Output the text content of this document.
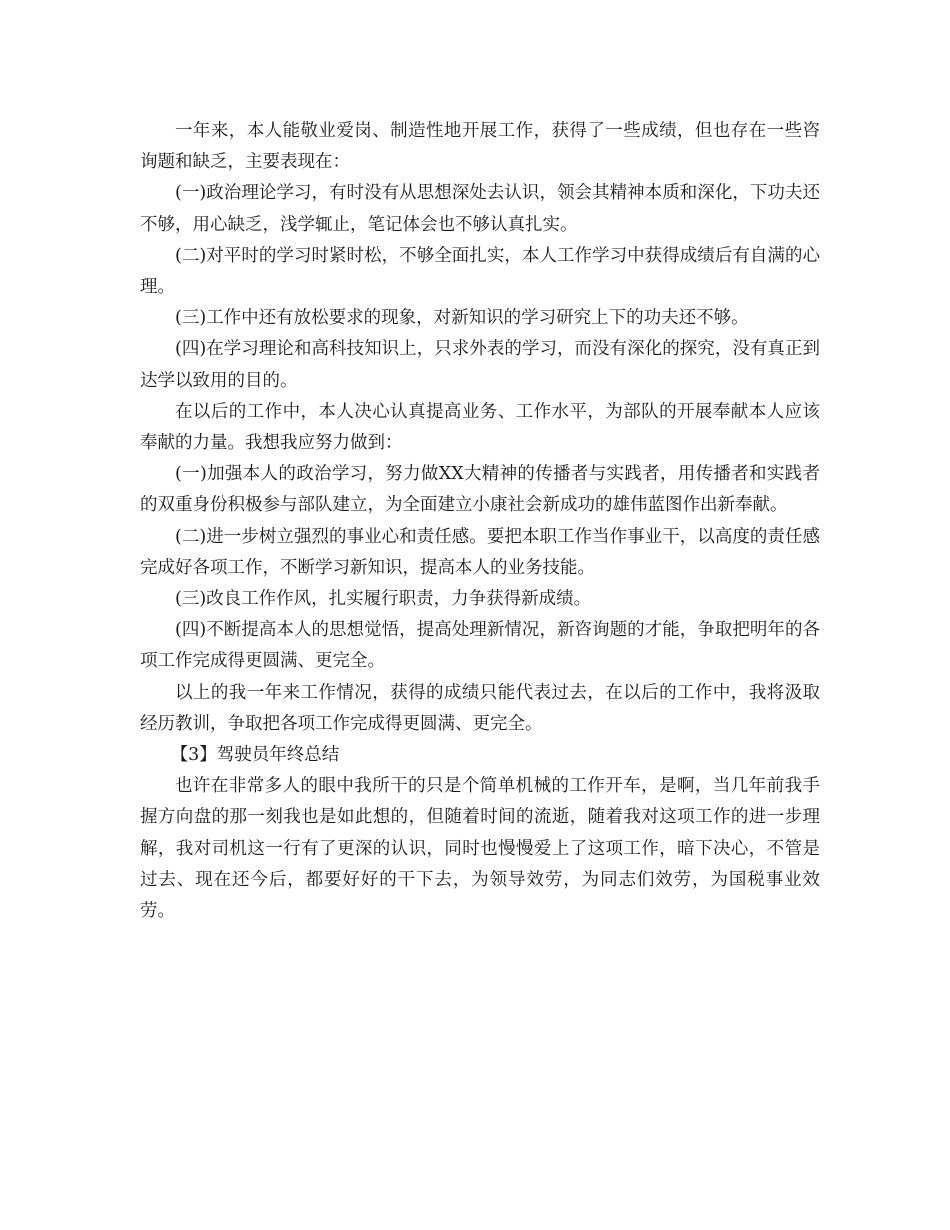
一年来，本人能敬业爱岗、制造性地开展工作，获得了一些成绩，但也存在一些咨询题和缺乏，主要表现在：

(一)政治理论学习，有时没有从思想深处去认识，领会其精神本质和深化，下功夫还不够，用心缺乏，浅学辄止，笔记体会也不够认真扎实。

(二)对平时的学习时紧时松，不够全面扎实，本人工作学习中获得成绩后有自满的心理。

(三)工作中还有放松要求的现象，对新知识的学习研究上下的功夫还不够。

(四)在学习理论和高科技知识上，只求外表的学习，而没有深化的探究，没有真正到达学以致用的目的。

在以后的工作中，本人决心认真提高业务、工作水平，为部队的开展奉献本人应该奉献的力量。我想我应努力做到：

(一)加强本人的政治学习，努力做XX大精神的传播者与实践者，用传播者和实践者的双重身份积极参与部队建立，为全面建立小康社会新成功的雄伟蓝图作出新奉献。

(二)进一步树立强烈的事业心和责任感。要把本职工作当作事业干，以高度的责任感完成好各项工作，不断学习新知识，提高本人的业务技能。

(三)改良工作作风，扎实履行职责，力争获得新成绩。

(四)不断提高本人的思想觉悟，提高处理新情况，新咨询题的才能，争取把明年的各项工作完成得更圆满、更完全。

以上的我一年来工作情况，获得的成绩只能代表过去，在以后的工作中，我将汲取经历教训，争取把各项工作完成得更圆满、更完全。

【3】驾驶员年终总结

也许在非常多人的眼中我所干的只是个简单机械的工作开车，是啊，当几年前我手握方向盘的那一刻我也是如此想的，但随着时间的流逝，随着我对这项工作的进一步理解，我对司机这一行有了更深的认识，同时也慢慢爱上了这项工作，暗下决心，不管是过去、现在还今后，都要好好的干下去，为领导效劳，为同志们效劳，为国税事业效劳。
